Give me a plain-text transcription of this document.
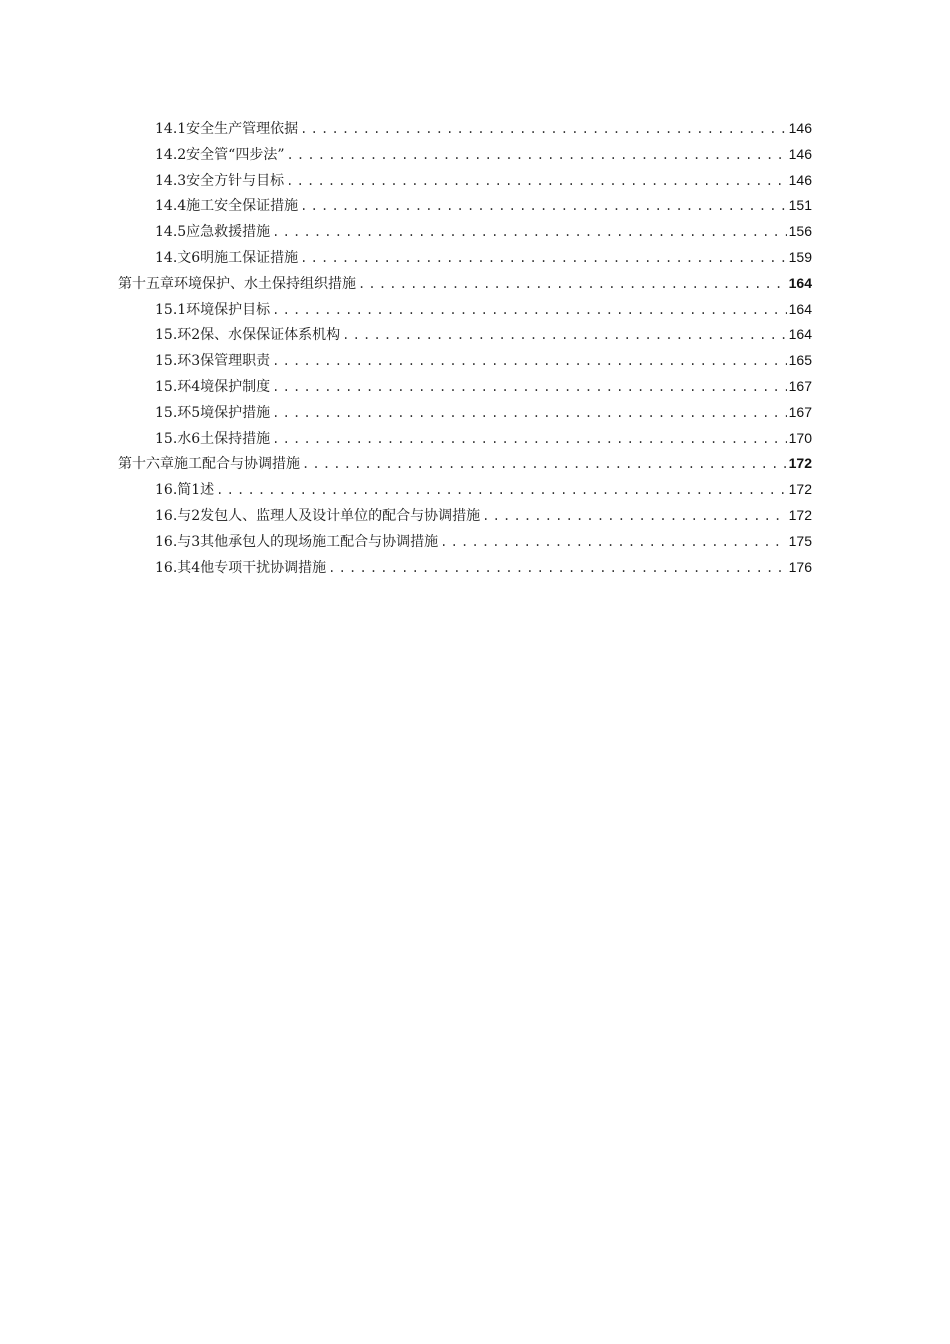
14.1安全生产管理依据 .....	146
14.2安全管“四步法” .....	146
14.3安全方针与目标 .....	146
14.4施工安全保证措施 .....	151
14.5应急救援措施 .....	156
14.文6明施工保证措施 .....	159
第十五章环境保护、水土保持组织措施 .....	164
15.1环境保护目标 .....	164
15.环2保、水保保证体系机构 .....	164
15.环3保管理职责 .....	165
15.环4境保护制度 .....	167
15.环5境保护措施 .....	167
15.水6土保持措施 .....	170
第十六章施工配合与协调措施 .....	172
16.简1述 .....	172
16.与2发包人、监理人及设计单位的配合与协调措施 .....	172
16.与3其他承包人的现场施工配合与协调措施 .....	175
16.其4他专项干扰协调措施 .....	176
